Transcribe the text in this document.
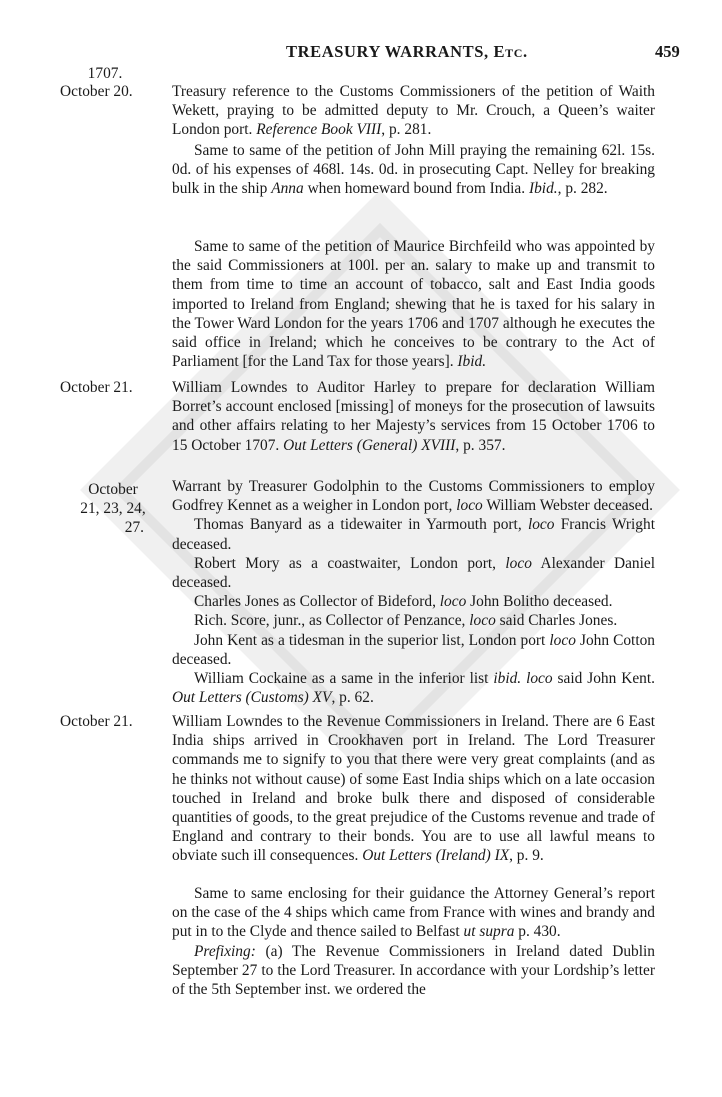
TREASURY WARRANTS, Etc.	459
1707.
October 20.	Treasury reference to the Customs Commissioners of the petition of Waith Wekett, praying to be admitted deputy to Mr. Crouch, a Queen’s waiter London port. Reference Book VIII, p. 281.

Same to same of the petition of John Mill praying the remaining 62l. 15s. 0d. of his expenses of 468l. 14s. 0d. in prosecuting Capt. Nelley for breaking bulk in the ship Anna when homeward bound from India. Ibid., p. 282.

Same to same of the petition of Maurice Birchfeild who was appointed by the said Commissioners at 100l. per an. salary to make up and transmit to them from time to time an account of tobacco, salt and East India goods imported to Ireland from England; shewing that he is taxed for his salary in the Tower Ward London for the years 1706 and 1707 although he executes the said office in Ireland; which he conceives to be contrary to the Act of Parliament [for the Land Tax for those years]. Ibid.

October 21.	William Lowndes to Auditor Harley to prepare for declaration William Borret’s account enclosed [missing] of moneys for the prosecution of lawsuits and other affairs relating to her Majesty’s services from 15 October 1706 to 15 October 1707. Out Letters (General) XVIII, p. 357.

October
21, 23, 24,
27.

Warrant by Treasurer Godolphin to the Customs Commissioners to employ Godfrey Kennet as a weigher in London port, loco William Webster deceased.

Thomas Banyard as a tidewaiter in Yarmouth port, loco Francis Wright deceased.

Robert Mory as a coastwaiter, London port, loco Alexander Daniel deceased.

Charles Jones as Collector of Bideford, loco John Bolitho deceased.

Rich. Score, junr., as Collector of Penzance, loco said Charles Jones.

John Kent as a tidesman in the superior list, London port loco John Cotton deceased.

William Cockaine as a same in the inferior list ibid. loco said John Kent. Out Letters (Customs) XV, p. 62.

October 21.	William Lowndes to the Revenue Commissioners in Ireland. There are 6 East India ships arrived in Crookhaven port in Ireland. The Lord Treasurer commands me to signify to you that there were very great complaints (and as he thinks not without cause) of some East India ships which on a late occasion touched in Ireland and broke bulk there and disposed of considerable quantities of goods, to the great prejudice of the Customs revenue and trade of England and contrary to their bonds. You are to use all lawful means to obviate such ill consequences. Out Letters (Ireland) IX, p. 9.

Same to same enclosing for their guidance the Attorney General’s report on the case of the 4 ships which came from France with wines and brandy and put in to the Clyde and thence sailed to Belfast ut supra p. 430.

Prefixing: (a) The Revenue Commissioners in Ireland dated Dublin September 27 to the Lord Treasurer. In accordance with your Lordship’s letter of the 5th September inst. we ordered the
